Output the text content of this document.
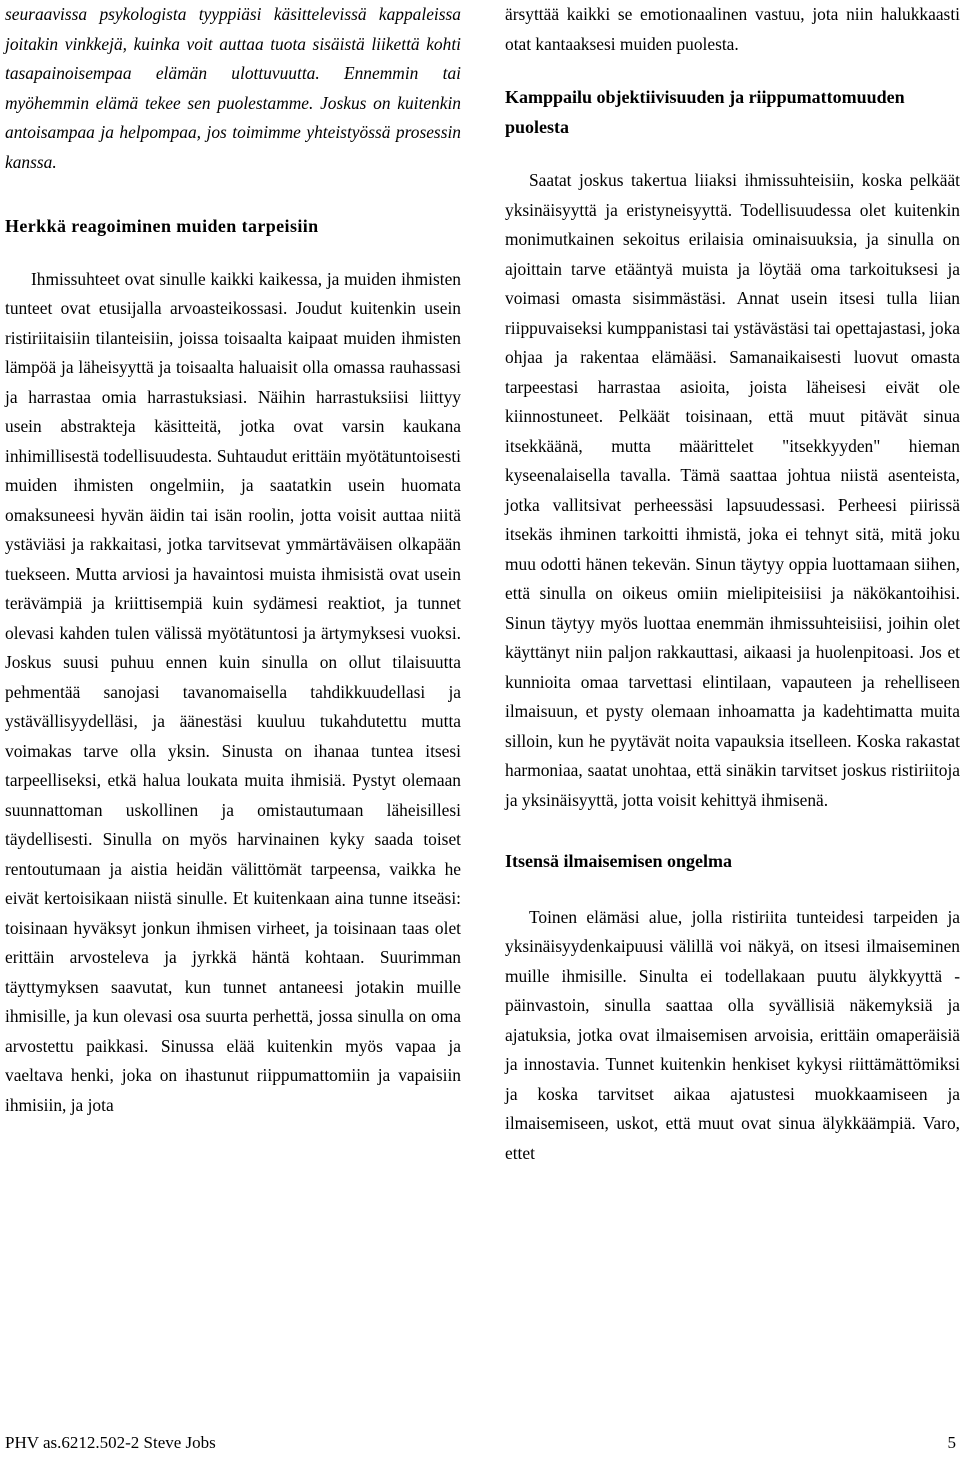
seuraavissa psykologista tyyppiäsi käsittelevissä kappaleissa joitakin vinkkejä, kuinka voit auttaa tuota sisäistä liikettä kohti tasapainoisempaa elämän ulottuvuutta. Ennemmin tai myöhemmin elämä tekee sen puolestamme. Joskus on kuitenkin antoisampaa ja helpompaa, jos toimimme yhteistyössä prosessin kanssa.

Herkkä reagoiminen muiden tarpeisiin

Ihmissuhteet ovat sinulle kaikki kaikessa, ja muiden ihmisten tunteet ovat etusijalla arvoasteikossasi. Joudut kuitenkin usein ristiriitaisiin tilanteisiin, joissa toisaalta kaipaat muiden ihmisten lämpöä ja läheisyyttä ja toisaalta haluaisit olla omassa rauhassasi ja harrastaa omia harrastuksiasi. Näihin harrastuksiisi liittyy usein abstrakteja käsitteitä, jotka ovat varsin kaukana inhimillisestä todellisuudesta. Suhtaudut erittäin myötätuntoisesti muiden ihmisten ongelmiin, ja saatatkin usein huomata omaksuneesi hyvän äidin tai isän roolin, jotta voisit auttaa niitä ystäviäsi ja rakkaitasi, jotka tarvitsevat ymmärtäväisen olkapään tuekseen. Mutta arviosi ja havaintosi muista ihmisistä ovat usein terävämpiä ja kriittisempiä kuin sydämesi reaktiot, ja tunnet olevasi kahden tulen välissä myötätuntosi ja ärtymyksesi vuoksi. Joskus suusi puhuu ennen kuin sinulla on ollut tilaisuutta pehmentää sanojasi tavanomaisella tahdikkuudellasi ja ystävällisyydelläsi, ja äänestäsi kuuluu tukahdutettu mutta voimakas tarve olla yksin. Sinusta on ihanaa tuntea itsesi tarpeelliseksi, etkä halua loukata muita ihmisiä. Pystyt olemaan suunnattoman uskollinen ja omistautumaan läheisillesi täydellisesti. Sinulla on myös harvinainen kyky saada toiset rentoutumaan ja aistia heidän välittömät tarpeensa, vaikka he eivät kertoisikaan niistä sinulle. Et kuitenkaan aina tunne itseäsi: toisinaan hyväksyt jonkun ihmisen virheet, ja toisinaan taas olet erittäin arvosteleva ja jyrkkä häntä kohtaan. Suurimman täyttymyksen saavutat, kun tunnet antaneesi jotakin muille ihmisille, ja kun olevasi osa suurta perhettä, jossa sinulla on oma arvostettu paikkasi. Sinussa elää kuitenkin myös vapaa ja vaeltava henki, joka on ihastunut riippumattomiin ja vapaisiin ihmisiin, ja jota

ärsyttää kaikki se emotionaalinen vastuu, jota niin halukkaasti otat kantaaksesi muiden puolesta.

Kamppailu objektiivisuuden ja riippumattomuuden puolesta

Saatat joskus takertua liiaksi ihmissuhteisiin, koska pelkäät yksinäisyyttä ja eristyneisyyttä. Todellisuudessa olet kuitenkin monimutkainen sekoitus erilaisia ominaisuuksia, ja sinulla on ajoittain tarve etääntyä muista ja löytää oma tarkoituksesi ja voimasi omasta sisimmästäsi. Annat usein itsesi tulla liian riippuvaiseksi kumppanistasi tai ystävästäsi tai opettajastasi, joka ohjaa ja rakentaa elämääsi. Samanaikaisesti luovut omasta tarpeestasi harrastaa asioita, joista läheisesi eivät ole kiinnostuneet. Pelkäät toisinaan, että muut pitävät sinua itsekkäänä, mutta määrittelet "itsekkyyden" hieman kyseenalaisella tavalla. Tämä saattaa johtua niistä asenteista, jotka vallitsivat perheessäsi lapsuudessasi. Perheesi piirissä itsekäs ihminen tarkoitti ihmistä, joka ei tehnyt sitä, mitä joku muu odotti hänen tekevän. Sinun täytyy oppia luottamaan siihen, että sinulla on oikeus omiin mielipiteisiisi ja näkökantoihisi. Sinun täytyy myös luottaa enemmän ihmissuhteisiisi, joihin olet käyttänyt niin paljon rakkauttasi, aikaasi ja huolenpitoasi. Jos et kunnioita omaa tarvettasi elintilaan, vapauteen ja rehelliseen ilmaisuun, et pysty olemaan inhoamatta ja kadehtimatta muita silloin, kun he pyytävät noita vapauksia itselleen. Koska rakastat harmoniaa, saatat unohtaa, että sinäkin tarvitset joskus ristiriitoja ja yksinäisyyttä, jotta voisit kehittyä ihmisenä.

Itsensä ilmaisemisen ongelma

Toinen elämäsi alue, jolla ristiriita tunteidesi tarpeiden ja yksinäisyydenkaipuusi välillä voi näkyä, on itsesi ilmaiseminen muille ihmisille. Sinulta ei todellakaan puutu älykkyyttä - päinvastoin, sinulla saattaa olla syvällisiä näkemyksiä ja ajatuksia, jotka ovat ilmaisemisen arvoisia, erittäin omaperäisiä ja innostavia. Tunnet kuitenkin henkiset kykysi riittämättömiksi ja koska tarvitset aikaa ajatustesi muokkaamiseen ja ilmaisemiseen, uskot, että muut ovat sinua älykkäämpiä. Varo, ettet

PHV as.6212.502-2 Steve Jobs	5
